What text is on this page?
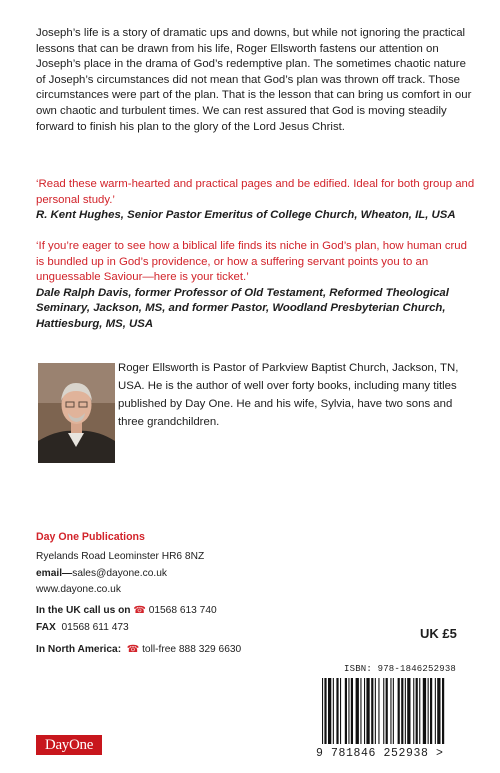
Joseph’s life is a story of dramatic ups and downs, but while not ignoring the practical lessons that can be drawn from his life, Roger Ellsworth fastens our attention on Joseph’s place in the drama of God’s redemptive plan. The sometimes chaotic nature of Joseph’s circumstances did not mean that God’s plan was thrown off track. Those circumstances were part of the plan. That is the lesson that can bring us comfort in our own chaotic and turbulent times. We can rest assured that God is moving steadily forward to finish his plan to the glory of the Lord Jesus Christ.

‘Read these warm-hearted and practical pages and be edified. Ideal for both group and personal study.’
R. Kent Hughes, Senior Pastor Emeritus of College Church, Wheaton, IL, USA
‘If you’re eager to see how a biblical life finds its niche in God’s plan, how human crud is bundled up in God’s providence, or how a suffering servant points you to an unguessable Saviour—here is your ticket.’
Dale Ralph Davis, former Professor of Old Testament, Reformed Theological Seminary, Jackson, MS, and former Pastor, Woodland Presbyterian Church, Hattiesburg, MS, USA

Roger Ellsworth is Pastor of Parkview Baptist Church, Jackson, TN, USA. He is the author of well over forty books, including many titles published by Day One. He and his wife, Sylvia, have two sons and three grandchildren.

Day One Publications

Ryelands Road Leominster HR6 8NZ

email—sales@dayone.co.uk

www.dayone.co.uk

In the UK call us on ☎ 01568 613 740

FAX 01568 611 473

In North America: ☎ toll-free 888 329 6630

UK £5
ISBN: 978-1846252938
9 781846 252938 >
DayOne
